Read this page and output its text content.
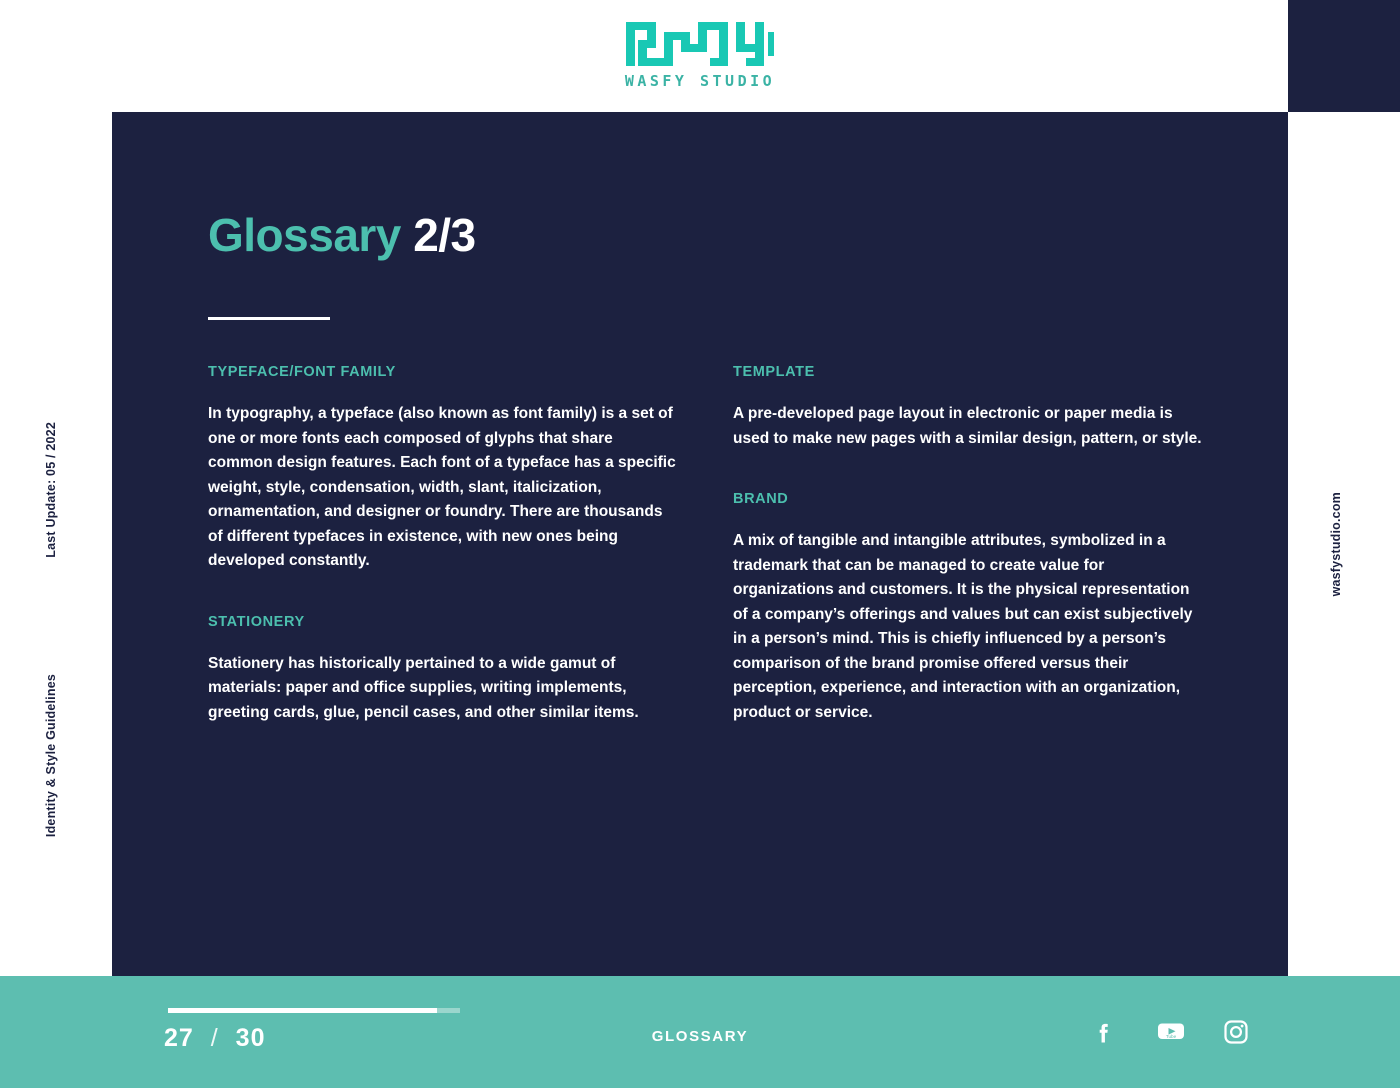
WASFY STUDIO
Last Update: 05 / 2022
Identity & Style Guidelines
wasfystudio.com
Glossary 2/3

TYPEFACE/FONT FAMILY

In typography, a typeface (also known as font family) is a set of one or more fonts each composed of glyphs that share common design features. Each font of a typeface has a specific weight, style, condensation, width, slant, italicization, ornamentation, and designer or foundry. There are thousands of different typefaces in existence, with new ones being developed constantly.

STATIONERY

Stationery has historically pertained to a wide gamut of materials: paper and office supplies, writing implements, greeting cards, glue, pencil cases, and other similar items.

TEMPLATE

A pre-developed page layout in electronic or paper media is used to make new pages with a similar design, pattern, or style.

BRAND

A mix of tangible and intangible attributes, symbolized in a trademark that can be managed to create value for organizations and customers. It is the physical representation of a company’s offerings and values but can exist subjectively in a person’s mind. This is chiefly influenced by a person’s comparison of the brand promise offered versus their perception, experience, and interaction with an organization, product or service.

27 / 30	GLOSSARY	Tube
